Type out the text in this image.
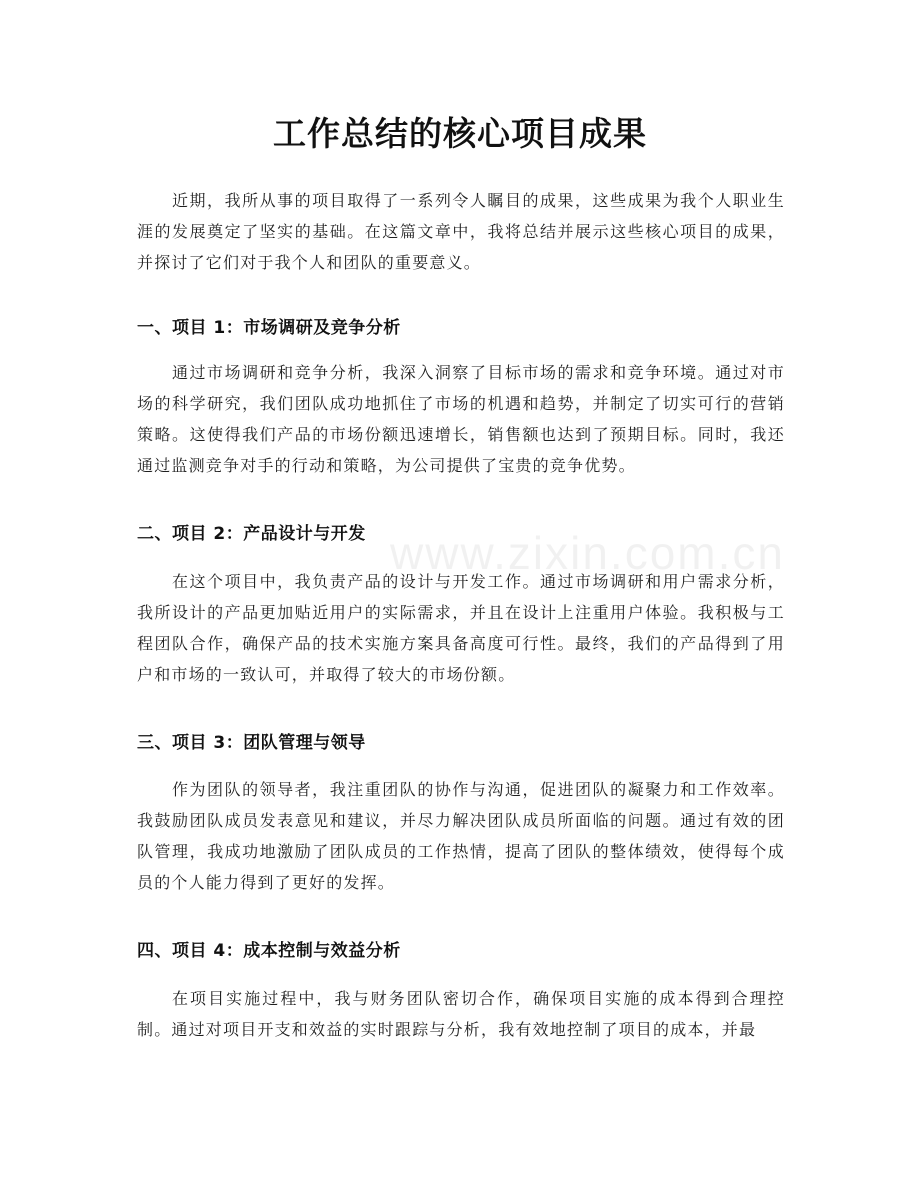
www.zixin.com.cn
工作总结的核心项目成果

近期，我所从事的项目取得了一系列令人瞩目的成果，这些成果为我个人职业生涯的发展奠定了坚实的基础。在这篇文章中，我将总结并展示这些核心项目的成果，并探讨了它们对于我个人和团队的重要意义。

一、项目 1：市场调研及竞争分析

通过市场调研和竞争分析，我深入洞察了目标市场的需求和竞争环境。通过对市场的科学研究，我们团队成功地抓住了市场的机遇和趋势，并制定了切实可行的营销策略。这使得我们产品的市场份额迅速增长，销售额也达到了预期目标。同时，我还通过监测竞争对手的行动和策略，为公司提供了宝贵的竞争优势。

二、项目 2：产品设计与开发

在这个项目中，我负责产品的设计与开发工作。通过市场调研和用户需求分析，我所设计的产品更加贴近用户的实际需求，并且在设计上注重用户体验。我积极与工程团队合作，确保产品的技术实施方案具备高度可行性。最终，我们的产品得到了用户和市场的一致认可，并取得了较大的市场份额。

三、项目 3：团队管理与领导

作为团队的领导者，我注重团队的协作与沟通，促进团队的凝聚力和工作效率。我鼓励团队成员发表意见和建议，并尽力解决团队成员所面临的问题。通过有效的团队管理，我成功地激励了团队成员的工作热情，提高了团队的整体绩效，使得每个成员的个人能力得到了更好的发挥。

四、项目 4：成本控制与效益分析

在项目实施过程中，我与财务团队密切合作，确保项目实施的成本得到合理控制。通过对项目开支和效益的实时跟踪与分析，我有效地控制了项目的成本，并最
